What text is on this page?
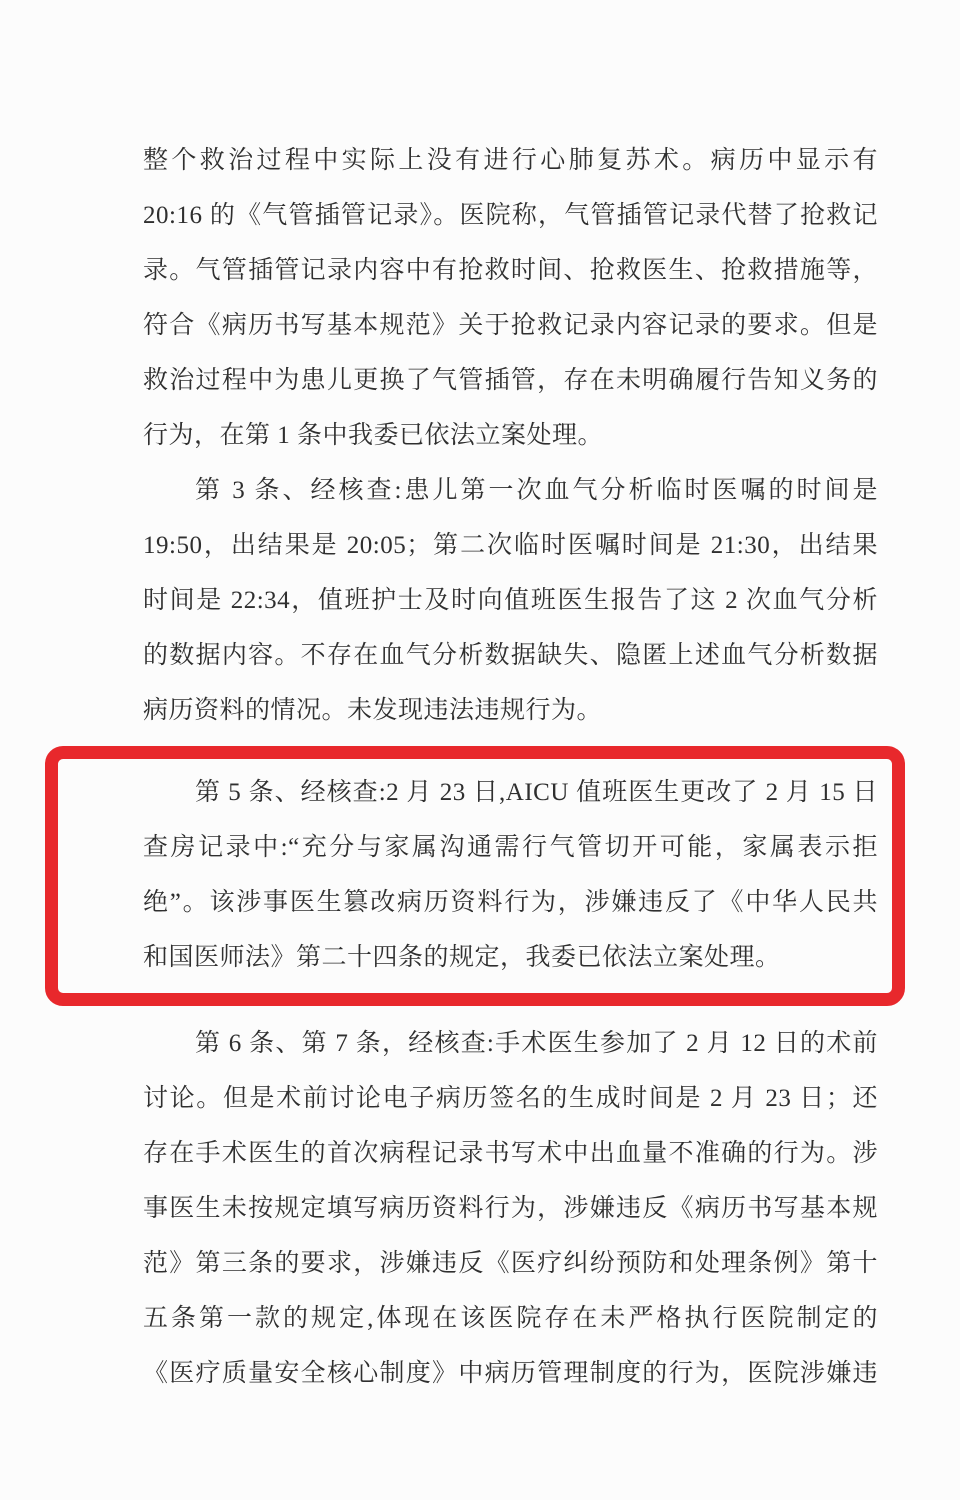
整个救治过程中实际上没有进行心肺复苏术。病历中显示有
20:16 的《气管插管记录》。医院称，气管插管记录代替了抢救记
录。气管插管记录内容中有抢救时间、抢救医生、抢救措施等，
符合《病历书写基本规范》关于抢救记录内容记录的要求。但是
救治过程中为患儿更换了气管插管，存在未明确履行告知义务的
行为，在第 1 条中我委已依法立案处理。
第 3 条、经核查:患儿第一次血气分析临时医嘱的时间是
19:50，出结果是 20:05；第二次临时医嘱时间是 21:30，出结果
时间是 22:34，值班护士及时向值班医生报告了这 2 次血气分析
的数据内容。不存在血气分析数据缺失、隐匿上述血气分析数据
病历资料的情况。未发现违法违规行为。
第 5 条、经核查:2 月 23 日,AICU 值班医生更改了 2 月 15 日
查房记录中:“充分与家属沟通需行气管切开可能，家属表示拒
绝”。该涉事医生篡改病历资料行为，涉嫌违反了《中华人民共
和国医师法》第二十四条的规定，我委已依法立案处理。
第 6 条、第 7 条，经核查:手术医生参加了 2 月 12 日的术前
讨论。但是术前讨论电子病历签名的生成时间是 2 月 23 日；还
存在手术医生的首次病程记录书写术中出血量不准确的行为。涉
事医生未按规定填写病历资料行为，涉嫌违反《病历书写基本规
范》第三条的要求，涉嫌违反《医疗纠纷预防和处理条例》第十
五条第一款的规定,体现在该医院存在未严格执行医院制定的
《医疗质量安全核心制度》中病历管理制度的行为，医院涉嫌违
